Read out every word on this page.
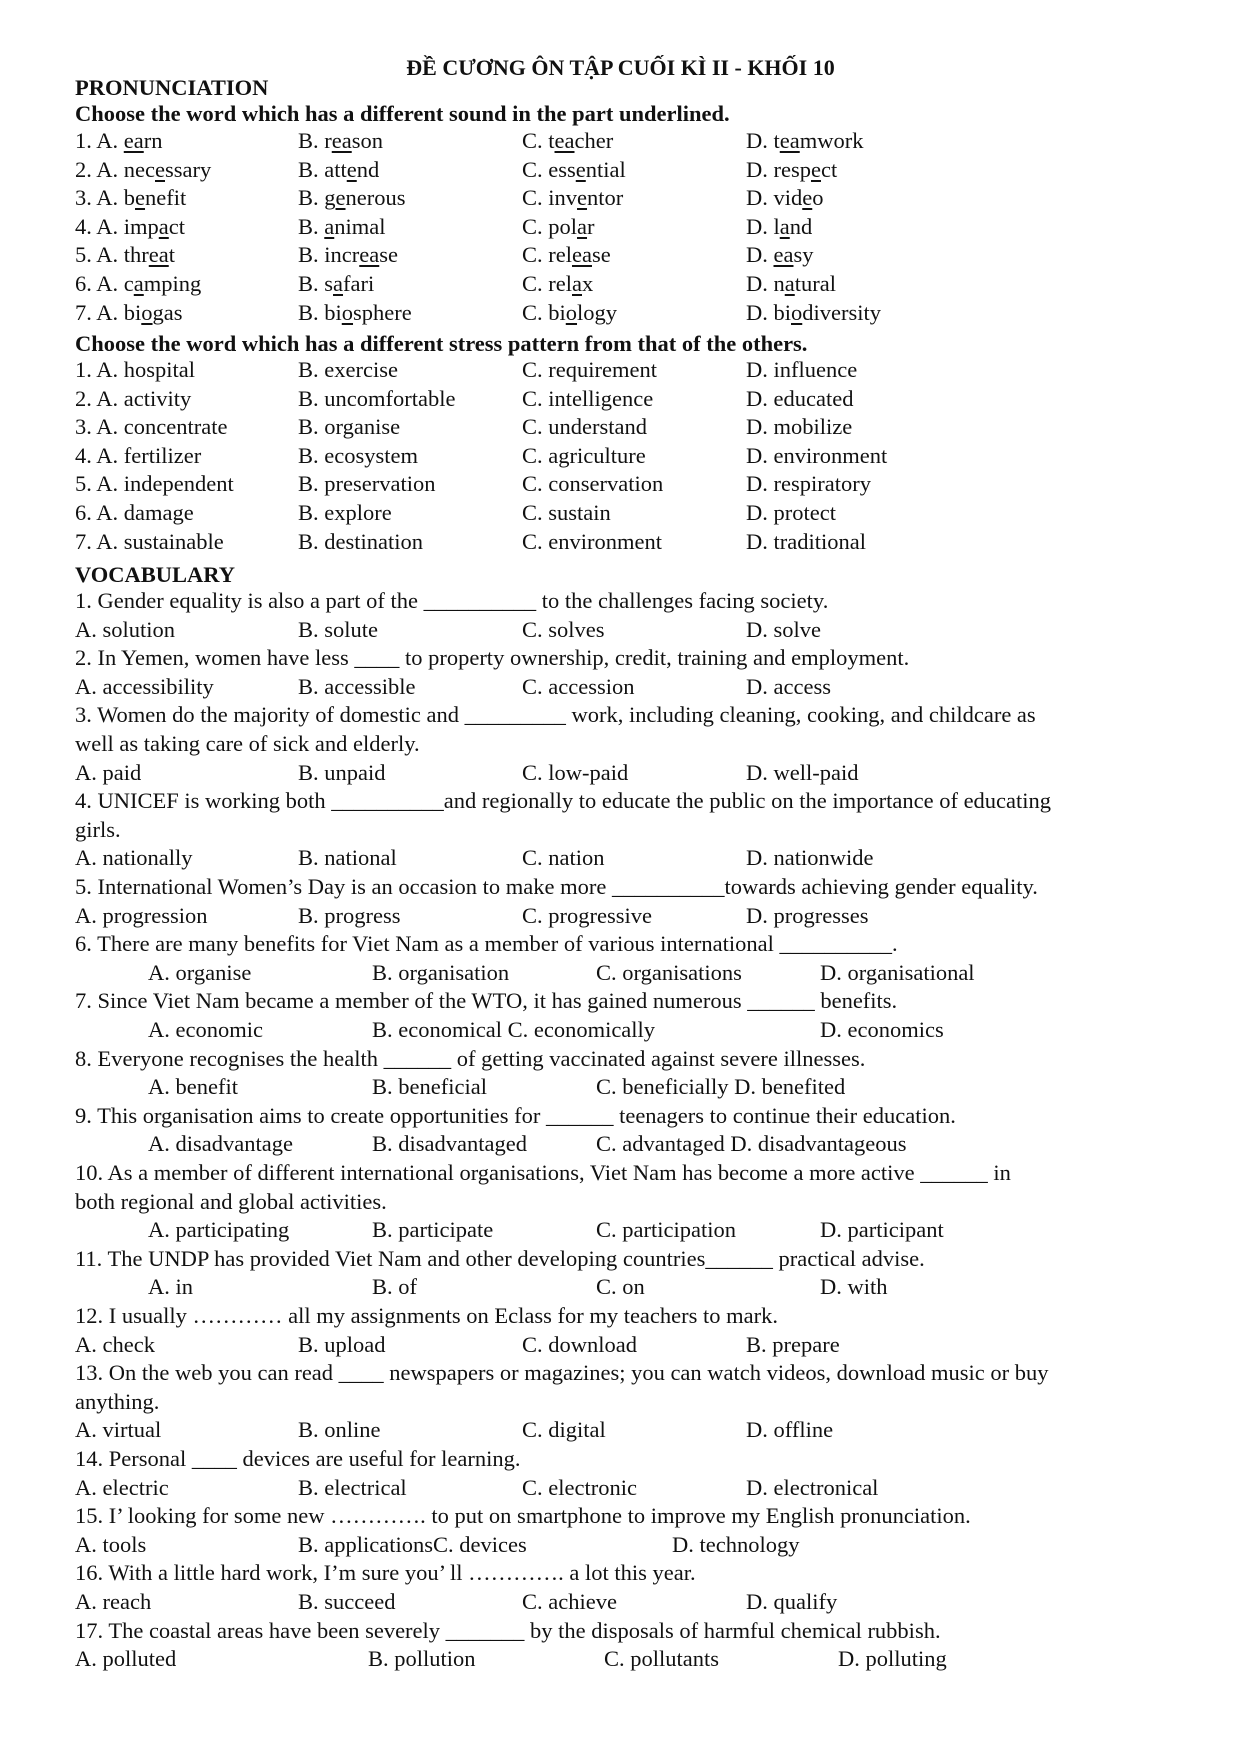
ĐỀ CƯƠNG ÔN TẬP CUỐI KÌ II - KHỐI 10
PRONUNCIATION
Choose the word which has a different sound in the part underlined.
Choose the word which has a different stress pattern from that of the others.
VOCABULARY
1. A. earn	B. reason	C. teacher	D. teamwork
2. A. necessary	B. attend	C. essential	D. respect
3. A. benefit	B. generous	C. inventor	D. video
4. A. impact	B. animal	C. polar	D. land
5. A. threat	B. increase	C. release	D. easy
6. A. camping	B. safari	C. relax	D. natural
7. A. biogas	B. biosphere	C. biology	D. biodiversity
1. A. hospital	B. exercise	C. requirement	D. influence
2. A. activity	B. uncomfortable	C. intelligence	D. educated
3. A. concentrate	B. organise	C. understand	D. mobilize
4. A. fertilizer	B. ecosystem	C. agriculture	D. environment
5. A. independent	B. preservation	C. conservation	D. respiratory
6. A. damage	B. explore	C. sustain	D. protect
7. A. sustainable	B. destination	C. environment	D. traditional
1. Gender equality is also a part of the __________ to the challenges facing society.
A. solution	B. solute	C. solves	D. solve
2. In Yemen, women have less ____ to property ownership, credit, training and employment.
A. accessibility	B. accessible	C. accession	D. access
3. Women do the majority of domestic and _________ work, including cleaning, cooking, and childcare as
well as taking care of sick and elderly.
A. paid	B. unpaid	C. low-paid	D. well-paid
4. UNICEF is working both __________and regionally to educate the public on the importance of educating
girls.
A. nationally	B. national	C. nation	D. nationwide
5. International Women’s Day is an occasion to make more __________towards achieving gender equality.
A. progression	B. progress	C. progressive	D. progresses
6. There are many benefits for Viet Nam as a member of various international __________.
A. organise	B. organisation	C. organisations	D. organisational
7. Since Viet Nam became a member of the WTO, it has gained numerous ______ benefits.
A. economic	B. economical C. economically	D. economics
8. Everyone recognises the health ______ of getting vaccinated against severe illnesses.
A. benefit	B. beneficial	C. beneficially D. benefited
9. This organisation aims to create opportunities for ______ teenagers to continue their education.
A. disadvantage	B. disadvantaged	C. advantaged D. disadvantageous
10. As a member of different international organisations, Viet Nam has become a more active ______ in
both regional and global activities.
A. participating	B. participate	C. participation	D. participant
11. The UNDP has provided Viet Nam and other developing countries______ practical advise.
A. in	B. of	C. on	D. with
12. I usually ………… all my assignments on Eclass for my teachers to mark.
A. check	B. upload	C. download	B. prepare
13. On the web you can read ____ newspapers or magazines; you can watch videos, download music or buy
anything.
A. virtual	B. online	C. digital	D. offline
14. Personal ____ devices are useful for learning.
A. electric	B. electrical	C. electronic	D. electronical
15. I’ looking for some new …………. to put on smartphone to improve my English pronunciation.
A. tools	B. applicationsC. devices	D. technology
16. With a little hard work, I’m sure you’ ll …………. a lot this year.
A. reach	B. succeed	C. achieve	D. qualify
17. The coastal areas have been severely _______ by the disposals of harmful chemical rubbish.
A. polluted	B. pollution	C. pollutants	D. polluting
